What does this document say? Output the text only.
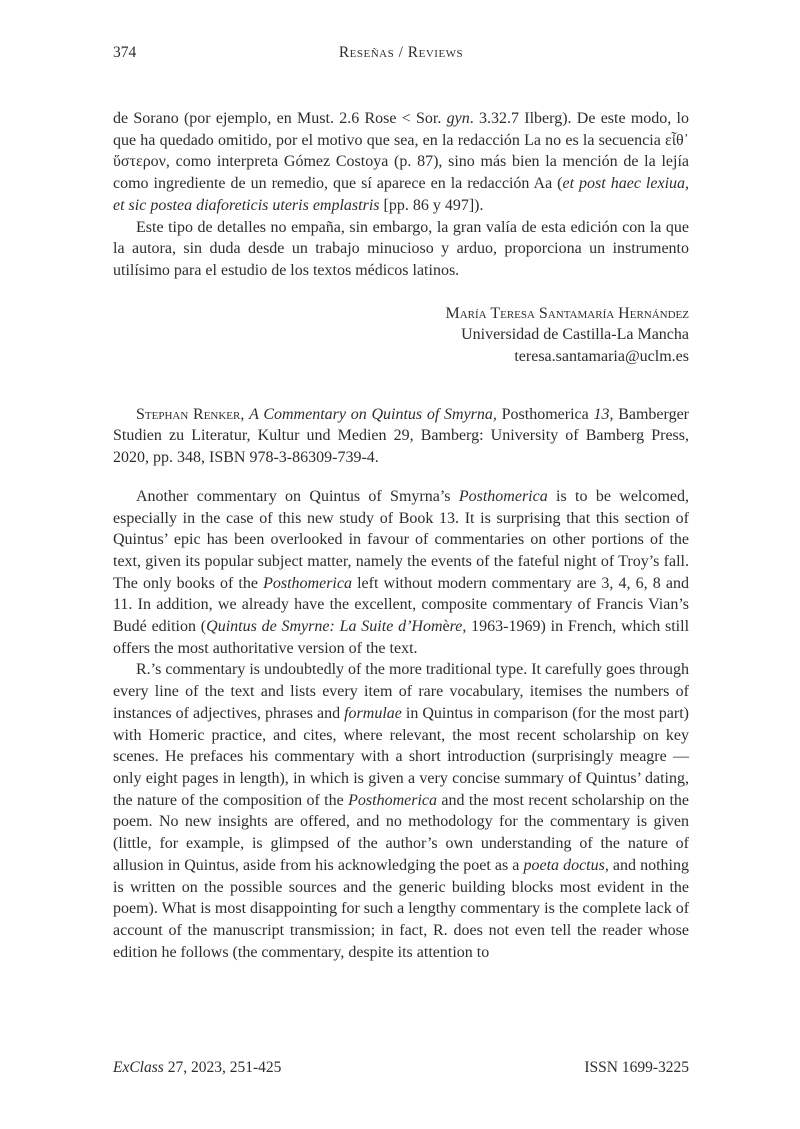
374	Reseñas / Reviews

de Sorano (por ejemplo, en Must. 2.6 Rose < Sor. gyn. 3.32.7 Ilberg). De este modo, lo que ha quedado omitido, por el motivo que sea, en la redacción La no es la secuencia εἶθ᾽ ὕστερον, como interpreta Gómez Costoya (p. 87), sino más bien la mención de la lejía como ingrediente de un remedio, que sí aparece en la redacción Aa (et post haec lexiua, et sic postea diaforeticis uteris emplastris [pp. 86 y 497]).

Este tipo de detalles no empaña, sin embargo, la gran valía de esta edición con la que la autora, sin duda desde un trabajo minucioso y arduo, proporciona un instrumento utilísimo para el estudio de los textos médicos latinos.

María Teresa Santamaría Hernández
Universidad de Castilla-La Mancha
teresa.santamaria@uclm.es

Stephan Renker, A Commentary on Quintus of Smyrna, Posthomerica 13, Bamberger Studien zu Literatur, Kultur und Medien 29, Bamberg: University of Bamberg Press, 2020, pp. 348, ISBN 978-3-86309-739-4.

Another commentary on Quintus of Smyrna’s Posthomerica is to be welcomed, especially in the case of this new study of Book 13. It is surprising that this section of Quintus’ epic has been overlooked in favour of commentaries on other portions of the text, given its popular subject matter, namely the events of the fateful night of Troy’s fall. The only books of the Posthomerica left without modern commentary are 3, 4, 6, 8 and 11. In addition, we already have the excellent, composite commentary of Francis Vian’s Budé edition (Quintus de Smyrne: La Suite d’Homère, 1963-1969) in French, which still offers the most authoritative version of the text.

R.’s commentary is undoubtedly of the more traditional type. It carefully goes through every line of the text and lists every item of rare vocabulary, itemises the numbers of instances of adjectives, phrases and formulae in Quintus in comparison (for the most part) with Homeric practice, and cites, where relevant, the most recent scholarship on key scenes. He prefaces his commentary with a short introduction (surprisingly meagre — only eight pages in length), in which is given a very concise summary of Quintus’ dating, the nature of the composition of the Posthomerica and the most recent scholarship on the poem. No new insights are offered, and no methodology for the commentary is given (little, for example, is glimpsed of the author’s own understanding of the nature of allusion in Quintus, aside from his acknowledging the poet as a poeta doctus, and nothing is written on the possible sources and the generic building blocks most evident in the poem). What is most disappointing for such a lengthy commentary is the complete lack of account of the manuscript transmission; in fact, R. does not even tell the reader whose edition he follows (the commentary, despite its attention to

ExClass 27, 2023, 251-425	ISSN 1699-3225
